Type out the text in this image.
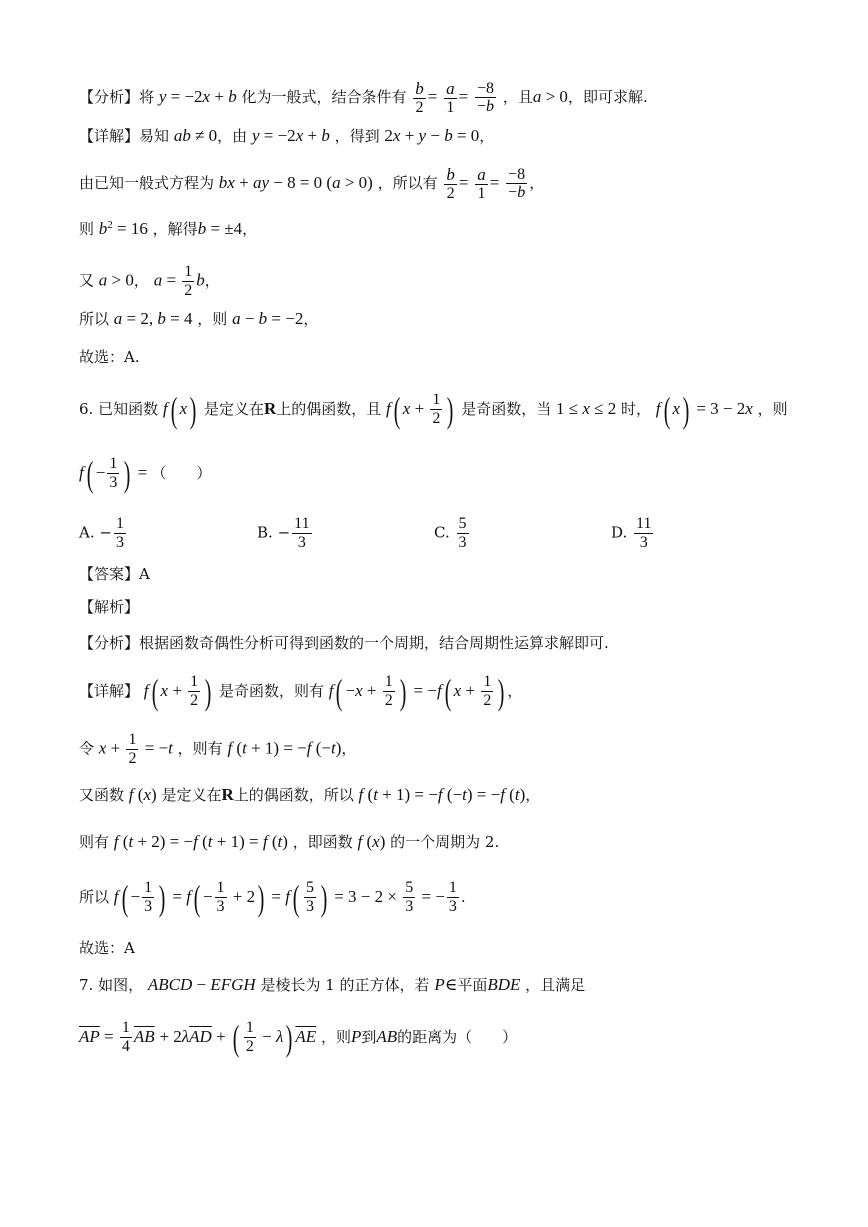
【分析】将 y = −2x + b 化为一般式，结合条件有 $\frac{b}{2} = \frac{a}{1} = \frac{-8}{-b}$ ，且a > 0，即可求解.
【详解】易知 ab ≠ 0，由 y = −2x + b ，得到 2x + y − b = 0，
由已知一般式方程为 bx + ay − 8 = 0 (a > 0) ，所以有 $\frac{b}{2} = \frac{a}{1} = \frac{-8}{-b}$ ，
则 $b^2 = 16$ ，解得b = ±4，
又 a > 0， $a = \frac{1}{2}$ b，
所以 a = 2, b = 4 ，则 a − b = −2，
故选：A.
6. 已知函数 f( x) 是定义在R上的偶函数，且 f( $x + \frac{1}{2}$ ) 是奇函数，当 1 ≤ x ≤ 2 时， f( x) = 3 − 2x ，则
$f( - \frac{1}{3}$ ) = （　　）
A. − $\frac{1}{3}$	B. − $\frac{11}{3}$	C. $\frac{5}{3}$	D. $\frac{11}{3}$
【答案】A
【解析】
【分析】根据函数奇偶性分析可得到函数的一个周期，结合周期性运算求解即可.
【详解】 f( $x + \frac{1}{2}$ ) 是奇函数，则有 $f( -x + \frac{1}{2}$ ) = −f( $x + \frac{1}{2}$ ) ，
令 $x + \frac{1}{2} = -t$ ，则有 f (t + 1) = −f (−t)，
又函数 f (x) 是定义在R上的偶函数，所以 f (t + 1) = −f (−t) = −f (t)，
则有 f (t + 2) = −f (t + 1) = f (t) ，即函数 f (x) 的一个周期为 2.
所以 $f( - \frac{1}{3}$ ) = $f( - \frac{1}{3} + 2) = f( \frac{5}{3}$ ) = $3 - 2 \times \frac{5}{3}$ = − $\frac{1}{3}$ .
故选：A
7. 如图， ABCD − EFGH 是棱长为 1 的正方体，若 P∈平面BDE ，且满足
$\overline{AP} = \frac{1}{4} \overline{AB} + 2\lambda\overline{AD}$ + ( $\frac{1}{2} - \lambda$) $\overline{AE}$ ，则P到AB的距离为（　　）
